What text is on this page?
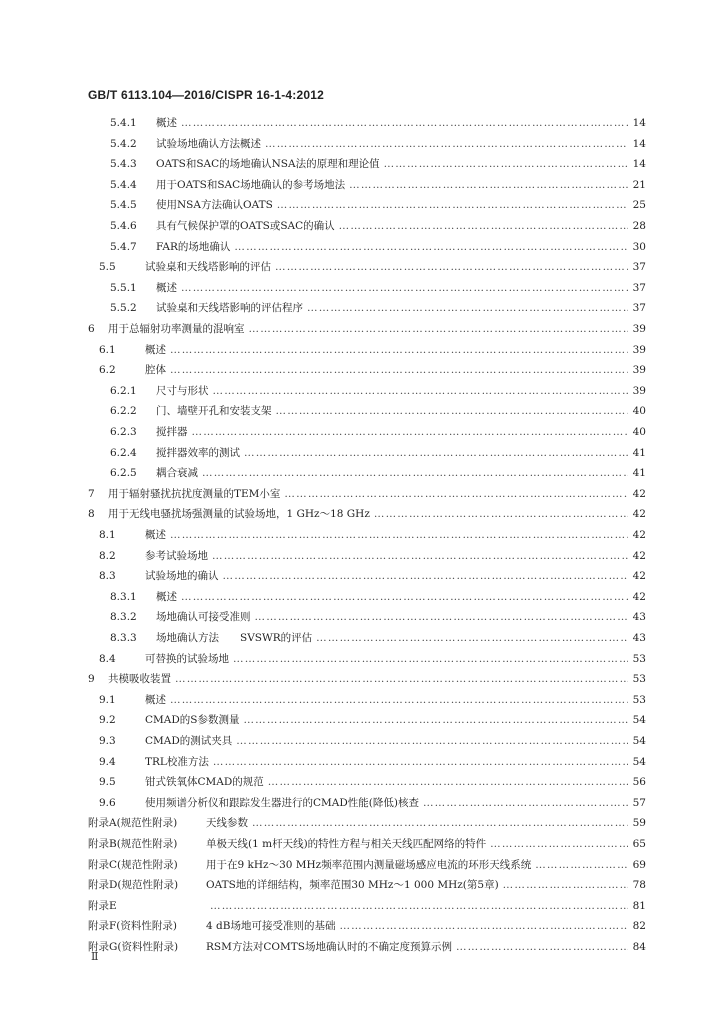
GB/T 6113.104—2016/CISPR 16-1-4:2012
5.4.1	概述 ……………………………………………………………………………………………………………………………………………………………………………………………………………………	14
5.4.2	试验场地确认方法概述 ……………………………………………………………………………………………………………………………………………………………………………………………………………………	14
5.4.3	OATS和SAC的场地确认NSA法的原理和理论值 ……………………………………………………………………………………………………………………………………………………………………………………………………………………	14
5.4.4	用于OATS和SAC场地确认的参考场地法 ……………………………………………………………………………………………………………………………………………………………………………………………………………………	21
5.4.5	使用NSA方法确认OATS ……………………………………………………………………………………………………………………………………………………………………………………………………………………	25
5.4.6	具有气候保护罩的OATS或SAC的确认 ……………………………………………………………………………………………………………………………………………………………………………………………………………………	28
5.4.7	FAR的场地确认 ……………………………………………………………………………………………………………………………………………………………………………………………………………………	30
5.5	试验桌和天线塔影响的评估 ……………………………………………………………………………………………………………………………………………………………………………………………………………………	37
5.5.1	概述 ……………………………………………………………………………………………………………………………………………………………………………………………………………………	37
5.5.2	试验桌和天线塔影响的评估程序 ……………………………………………………………………………………………………………………………………………………………………………………………………………………	37
6	用于总辐射功率测量的混响室 ……………………………………………………………………………………………………………………………………………………………………………………………………………………	39
6.1	概述 ……………………………………………………………………………………………………………………………………………………………………………………………………………………	39
6.2	腔体 ……………………………………………………………………………………………………………………………………………………………………………………………………………………	39
6.2.1	尺寸与形状 ……………………………………………………………………………………………………………………………………………………………………………………………………………………	39
6.2.2	门、墙壁开孔和安装支架 ……………………………………………………………………………………………………………………………………………………………………………………………………………………	40
6.2.3	搅拌器 ……………………………………………………………………………………………………………………………………………………………………………………………………………………	40
6.2.4	搅拌器效率的测试 ……………………………………………………………………………………………………………………………………………………………………………………………………………………	41
6.2.5	耦合衰减 ……………………………………………………………………………………………………………………………………………………………………………………………………………………	41
7	用于辐射骚扰抗扰度测量的TEM小室 ……………………………………………………………………………………………………………………………………………………………………………………………………………………	42
8	用于无线电骚扰场强测量的试验场地，1 GHz～18 GHz ……………………………………………………………………………………………………………………………………………………………………………………………………………………	42
8.1	概述 ……………………………………………………………………………………………………………………………………………………………………………………………………………………	42
8.2	参考试验场地 ……………………………………………………………………………………………………………………………………………………………………………………………………………………	42
8.3	试验场地的确认 ……………………………………………………………………………………………………………………………………………………………………………………………………………………	42
8.3.1	概述 ……………………………………………………………………………………………………………………………………………………………………………………………………………………	42
8.3.2	场地确认可接受准则 ……………………………………………………………………………………………………………………………………………………………………………………………………………………	43
8.3.3	场地确认方法　　SVSWR的评估 ……………………………………………………………………………………………………………………………………………………………………………………………………………………	43
8.4	可替换的试验场地 ……………………………………………………………………………………………………………………………………………………………………………………………………………………	53
9	共模吸收装置 ……………………………………………………………………………………………………………………………………………………………………………………………………………………	53
9.1	概述 ……………………………………………………………………………………………………………………………………………………………………………………………………………………	53
9.2	CMAD的S参数测量 ……………………………………………………………………………………………………………………………………………………………………………………………………………………	54
9.3	CMAD的测试夹具 ……………………………………………………………………………………………………………………………………………………………………………………………………………………	54
9.4	TRL校准方法 ……………………………………………………………………………………………………………………………………………………………………………………………………………………	54
9.5	钳式铁氧体CMAD的规范 ……………………………………………………………………………………………………………………………………………………………………………………………………………………	56
9.6	使用频谱分析仪和跟踪发生器进行的CMAD性能(降低)核查 ……………………………………………………………………………………………………………………………………………………………………………………………………………………	57
附录A(规范性附录)	天线参数 ……………………………………………………………………………………………………………………………………………………………………………………………………………………	59
附录B(规范性附录)	单极天线(1 m杆天线)的特性方程与相关天线匹配网络的特件 ……………………………………………………………………………………………………………………………………………………………………………………………………………………	65
附录C(规范性附录)	用于在9 kHz～30 MHz频率范围内测量磁场感应电流的环形天线系统 ……………………………………………………………………………………………………………………………………………………………………………………………………………………	69
附录D(规范性附录)	OATS地的详细结构，频率范围30 MHz～1 000 MHz(第5章) ……………………………………………………………………………………………………………………………………………………………………………………………………………………	78
附录E ……………………………………………………………………………………………………………………………………………………………………………………………………………………	81
附录F(资料性附录)	4 dB场地可接受准则的基础 ……………………………………………………………………………………………………………………………………………………………………………………………………………………	82
附录G(资料性附录)	RSM方法对COMTS场地确认时的不确定度预算示例 ……………………………………………………………………………………………………………………………………………………………………………………………………………………	84
Ⅱ
